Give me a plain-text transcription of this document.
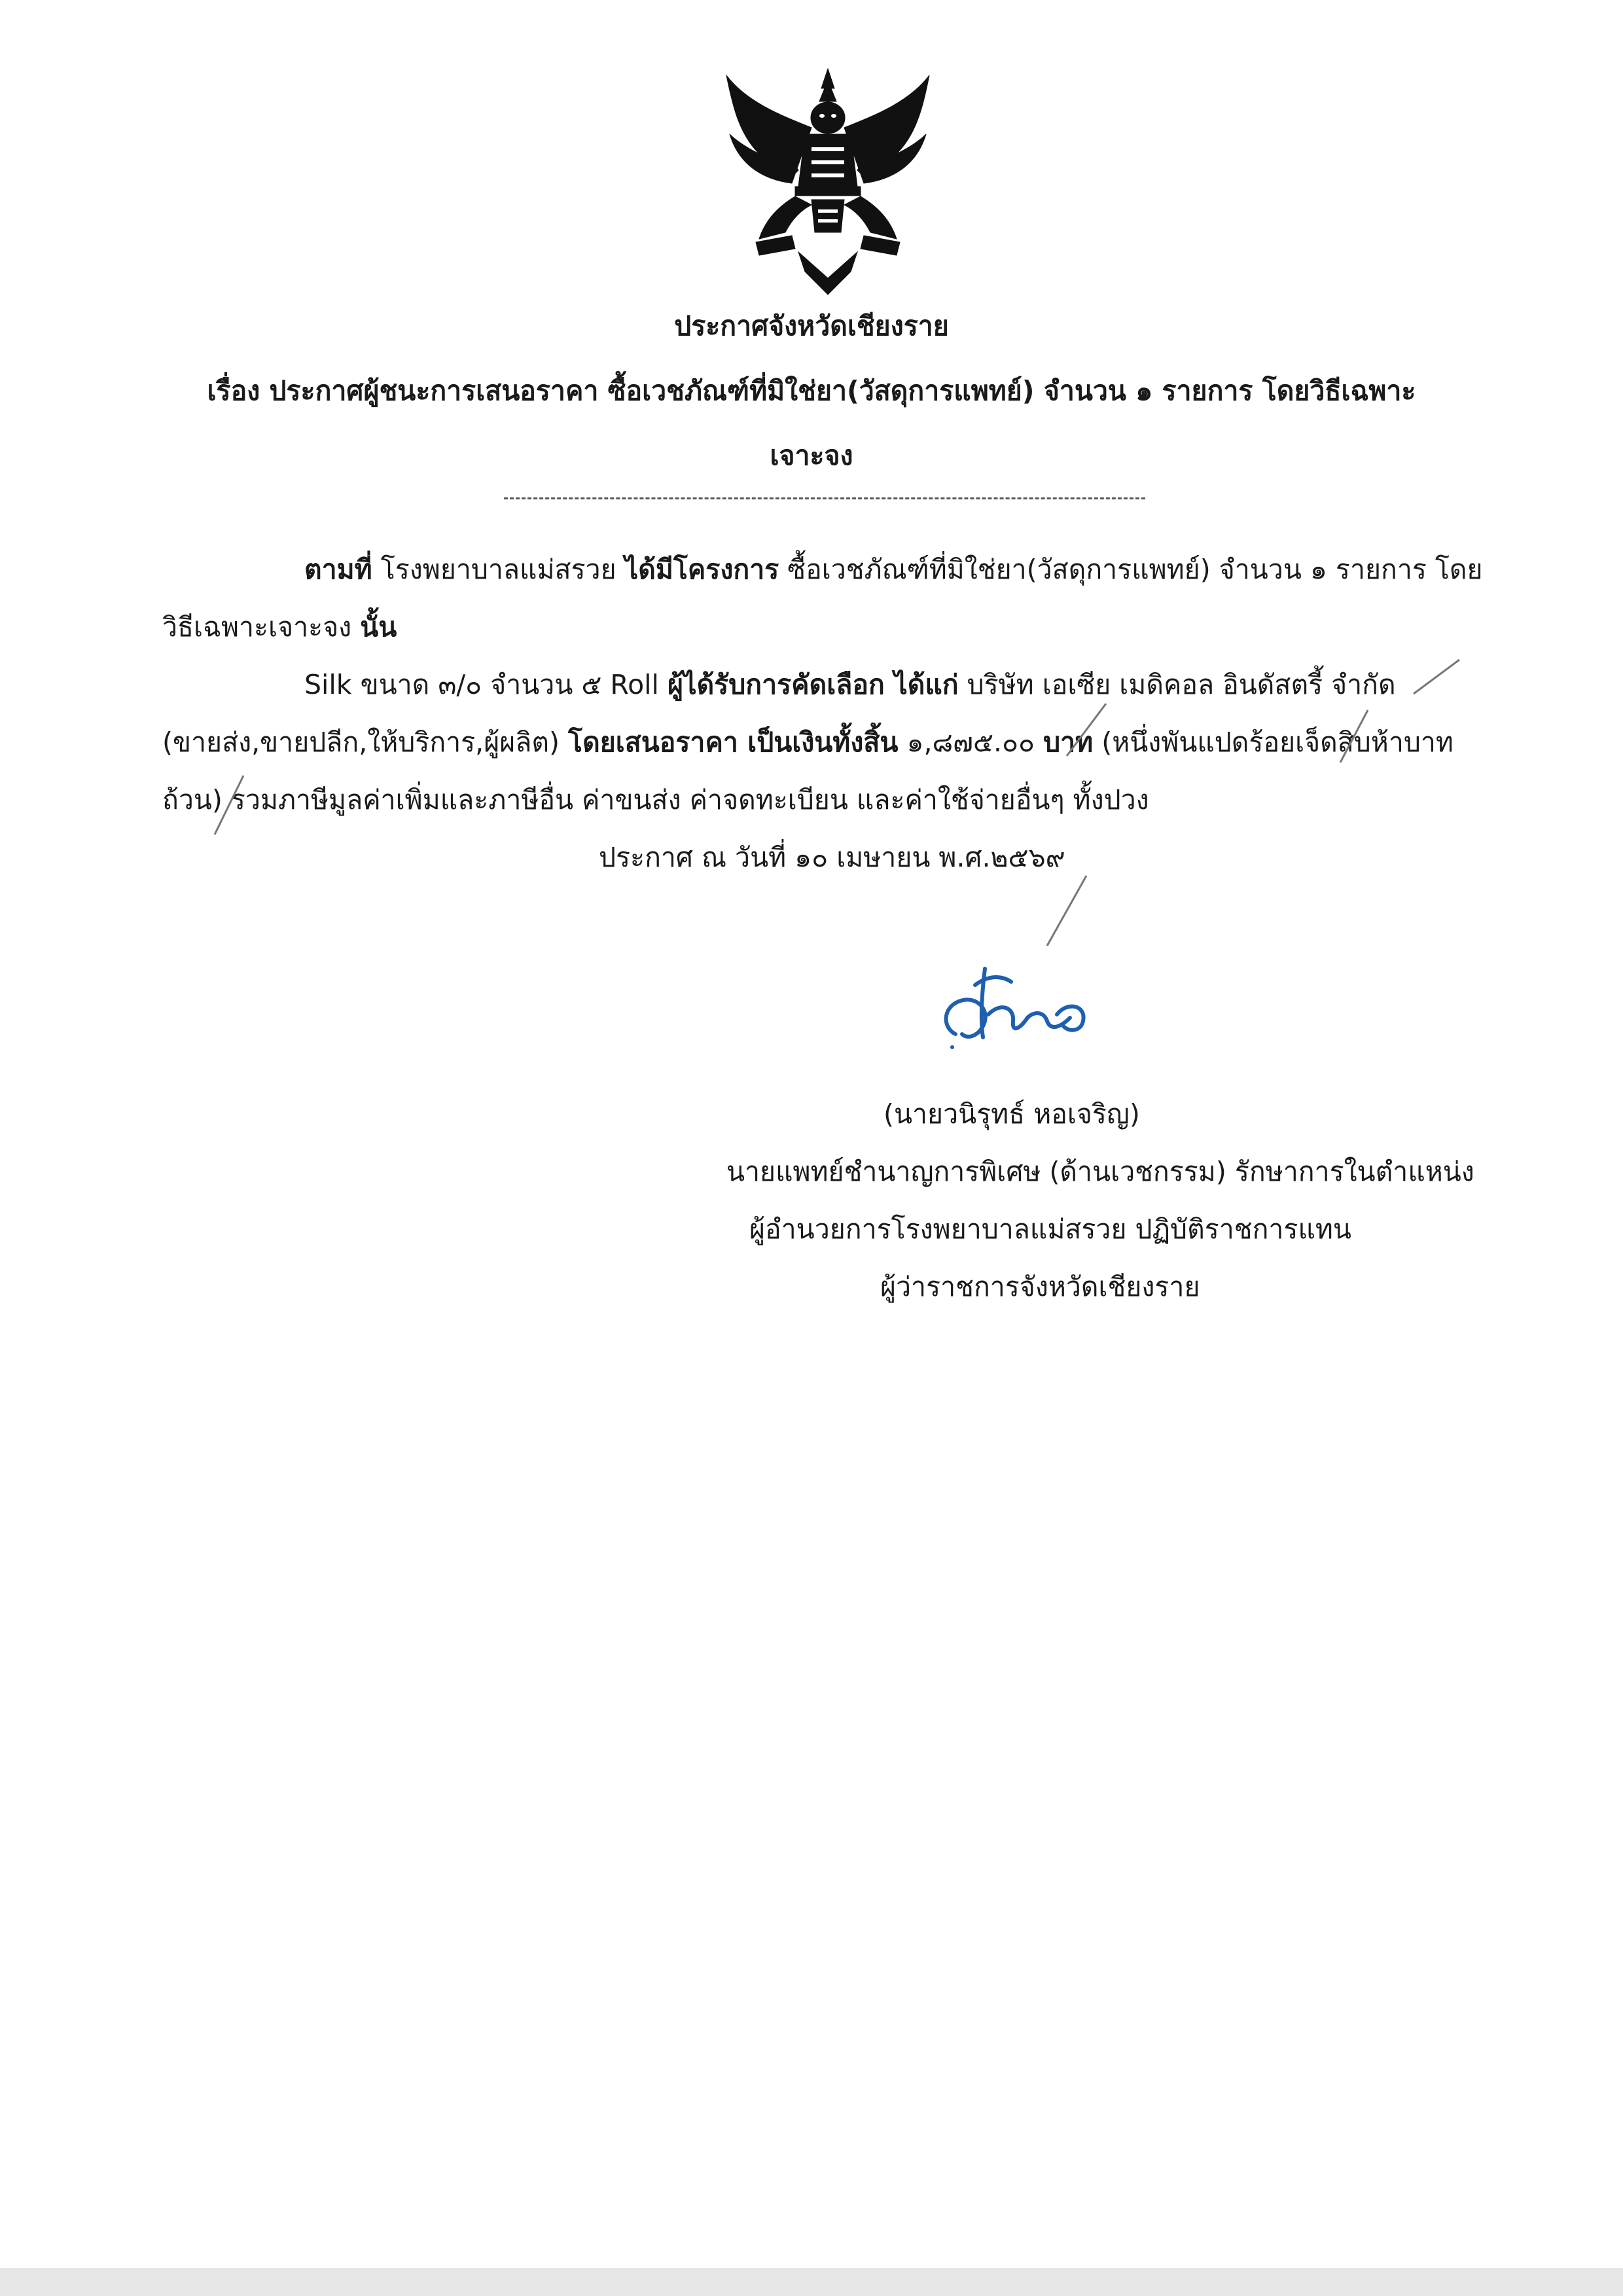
ประกาศจังหวัดเชียงราย
เรื่อง ประกาศผู้ชนะการเสนอราคา ซื้อเวชภัณฑ์ที่มิใช่ยา(วัสดุการแพทย์) จำนวน ๑ รายการ โดยวิธีเฉพาะ
เจาะจง
ตามที่ โรงพยาบาลแม่สรวย ได้มีโครงการ ซื้อเวชภัณฑ์ที่มิใช่ยา(วัสดุการแพทย์) จำนวน ๑ รายการ โดย
วิธีเฉพาะเจาะจง นั้น
Silk ขนาด ๓/๐ จำนวน ๕ Roll ผู้ได้รับการคัดเลือก ได้แก่ บริษัท เอเซีย เมดิคอล อินดัสตรี้ จำกัด
(ขายส่ง,ขายปลีก,ให้บริการ,ผู้ผลิต) โดยเสนอราคา เป็นเงินทั้งสิ้น ๑,๘๗๕.๐๐ บาท (หนึ่งพันแปดร้อยเจ็ดสิบห้าบาท
ถ้วน) รวมภาษีมูลค่าเพิ่มและภาษีอื่น ค่าขนส่ง ค่าจดทะเบียน และค่าใช้จ่ายอื่นๆ ทั้งปวง
ประกาศ ณ วันที่ ๑๐ เมษายน พ.ศ.๒๕๖๙
(นายวนิรุทธ์ หอเจริญ)
นายแพทย์ชำนาญการพิเศษ (ด้านเวชกรรม) รักษาการในตำแหน่ง
ผู้อำนวยการโรงพยาบาลแม่สรวย ปฏิบัติราชการแทน
ผู้ว่าราชการจังหวัดเชียงราย
